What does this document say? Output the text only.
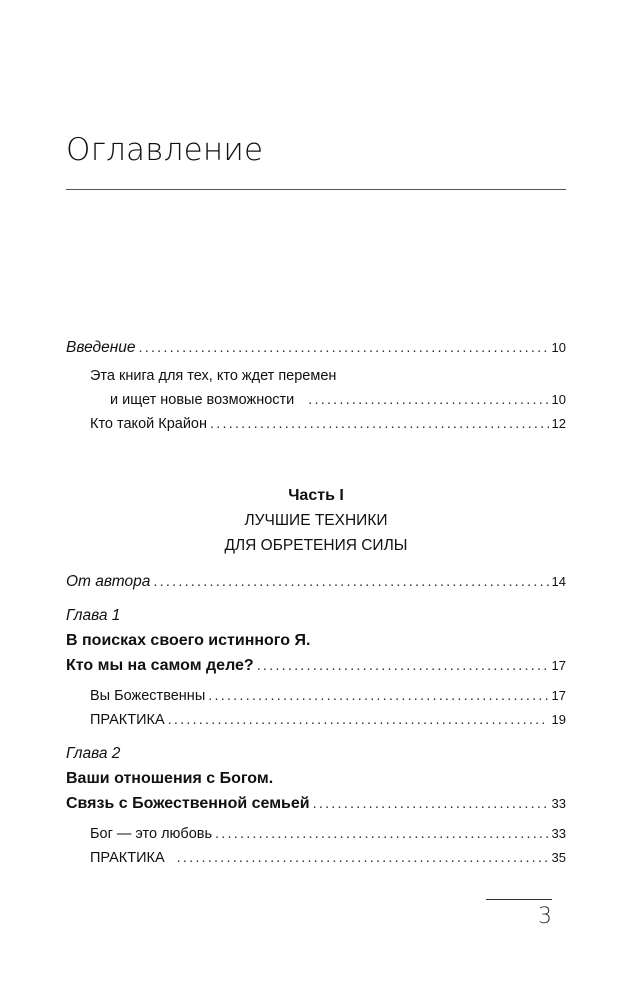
Оглавление
Введение .....	10
Эта книга для тех, кто ждет перемен
и ищет новые возможности .....	10
Кто такой Крайон .....	12
Часть I
ЛУЧШИЕ ТЕХНИКИ
ДЛЯ ОБРЕТЕНИЯ СИЛЫ
От автора .....	14
Глава 1
В поисках своего истинного Я.
Кто мы на самом деле? .....	17
Вы Божественны .....	17
ПРАКТИКА .....	19
Глава 2
Ваши отношения с Богом.
Связь с Божественной семьей .....	33
Бог — это любовь .....	33
ПРАКТИКА .....	35
3
